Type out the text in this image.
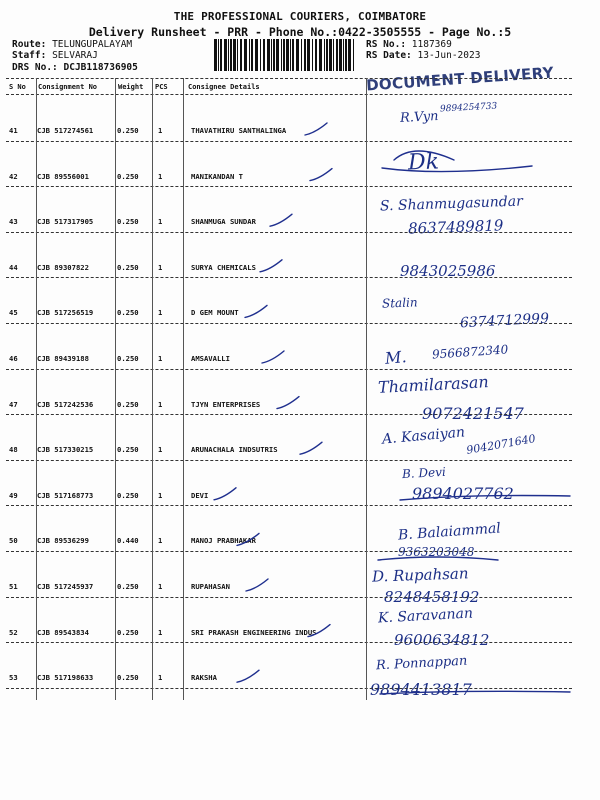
THE PROFESSIONAL COURIERS, COIMBATORE
Delivery Runsheet - PRR - Phone No.:0422-3505555 - Page No.:5
Route: TELUNGUPALAYAM
Staff: SELVARAJ
DRS No.: DCJB118736905
RS No.: 1187369
RS Date: 13-Jun-2023
DOCUMENT DELIVERY
S No Consignment No	Weight PCS	Consignee Details
41	CJB 517274561	0.250	1	THAVATHIRU SANTHALINGA
R.Vyn
9894254733
42	CJB 89556001	0.250	1	MANIKANDAN T
Dk
43	CJB 517317905	0.250	1	SHANMUGA SUNDAR
S. Shanmugasundar
8637489819
44	CJB 89307822	0.250	1	SURYA CHEMICALS	9843025986
45	CJB 517256519	0.250	1	D GEM MOUNT
Stalin
6374712999
46	CJB 89439188	0.250	1	AMSAVALLI	M. 9566872340
47	CJB 517242536	0.250	1	TJYN ENTERPRISES
Thamilarasan
9072421547
48	CJB 517330215	0.250	1	ARUNACHALA INDSUTRIS
A. Kasaiyan 9042071640
49	CJB 517168773	0.250	1	DEVI
B. Devi
9894027762
50	CJB 89536299	0.440	1	MANOJ PRABHAKAR	B. Balaiammal
9363203048
51	CJB 517245937	0.250	1	RUPAHASAN
D. Rupahsan
8248458192
52	CJB 89543834	0.250	1	SRI PRAKASH ENGINEERING INDUS
K. Saravanan
9600634812
53	CJB 517198633	0.250	1	RAKSHA
R. Ponnappan
9894413817
